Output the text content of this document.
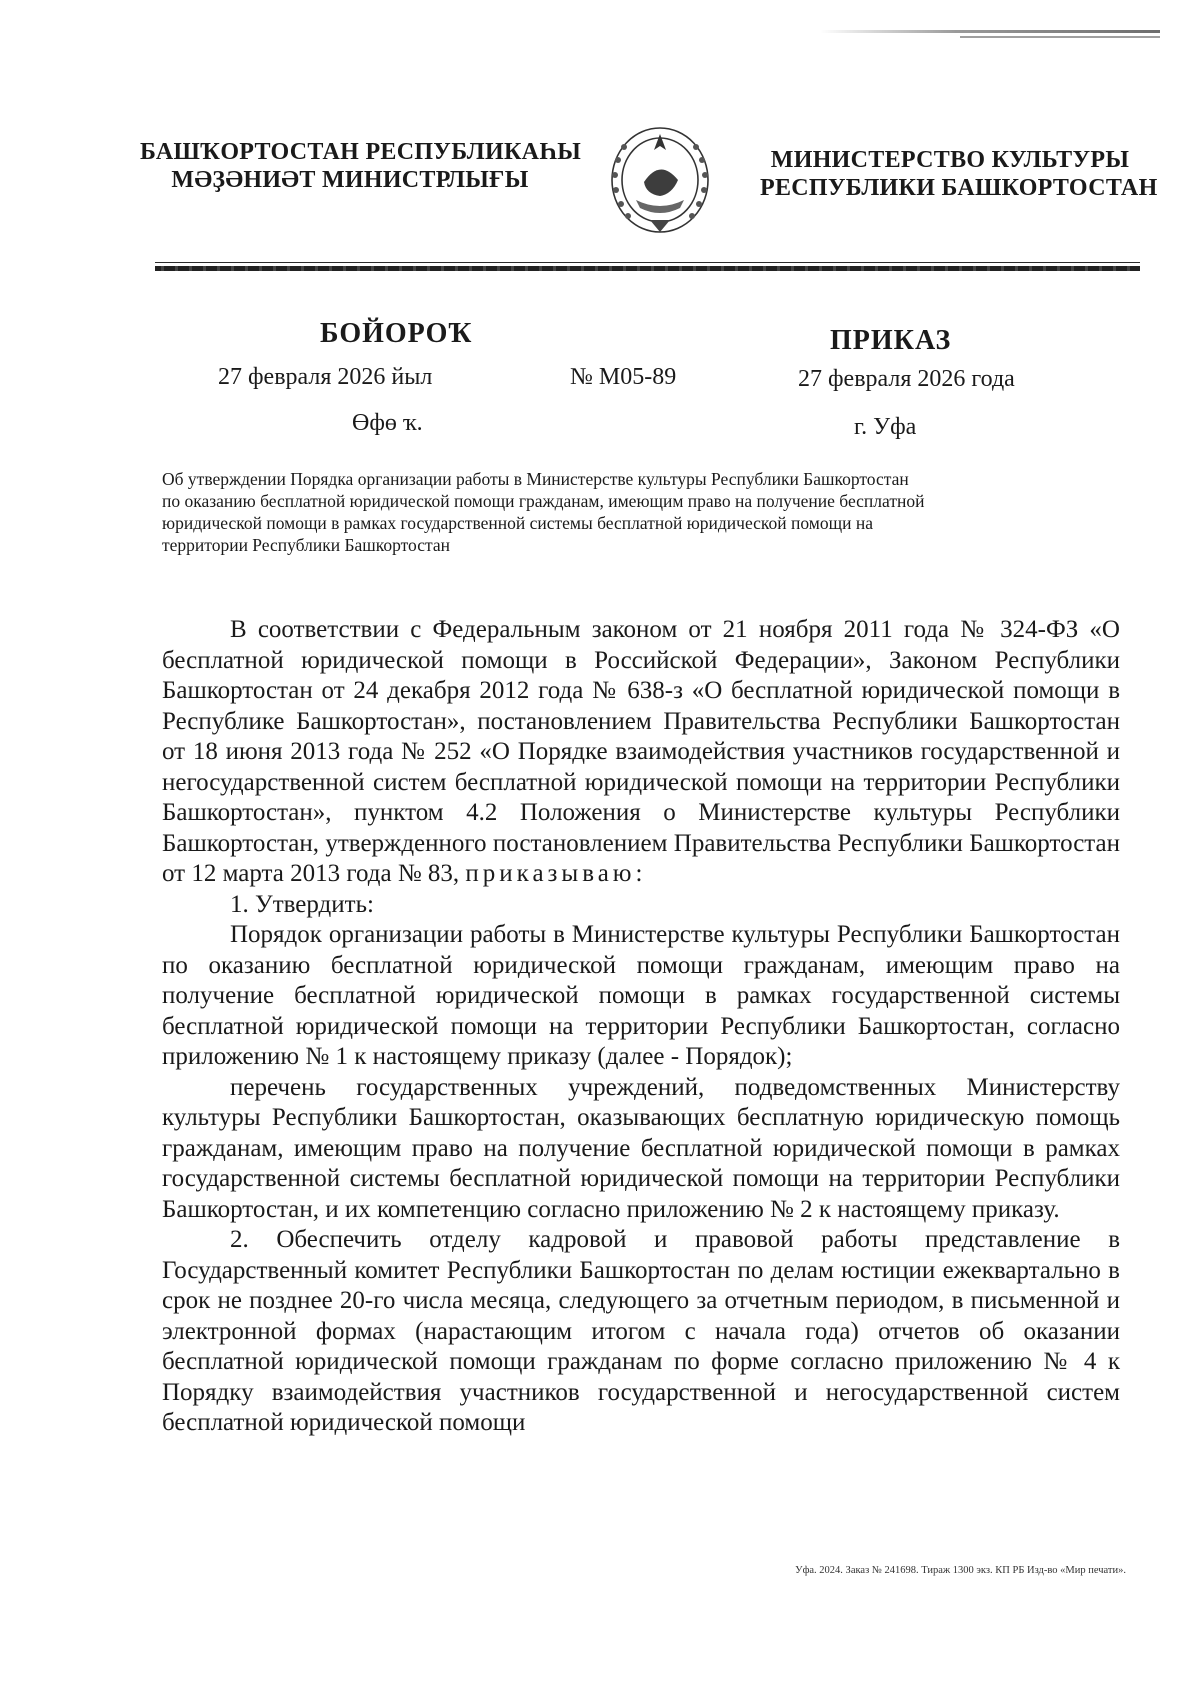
БАШҠОРТОСТАН РЕСПУБЛИКАҺЫ
МӘҘӘНИӘТ МИНИСТРЛЫҒЫ
МИНИСТЕРСТВО КУЛЬТУРЫ
РЕСПУБЛИКИ БАШКОРТОСТАН
БОЙОРОҠ	ПРИКАЗ
27 февраля 2026 йыл	№ М05-89	27 февраля 2026 года
Өфө ҡ.	г. Уфа
Об утверждении Порядка организации работы в Министерстве культуры Республики Башкортостан
по оказанию бесплатной юридической помощи гражданам, имеющим право на получение бесплатной
юридической помощи в рамках государственной системы бесплатной юридической помощи на
территории Республики Башкортостан

В соответствии с Федеральным законом от 21 ноября 2011 года № 324-ФЗ «О бесплатной юридической помощи в Российской Федерации», Законом Республики Башкортостан от 24 декабря 2012 года № 638-з «О бесплатной юридической помощи в Республике Башкортостан», постановлением Правительства Республики Башкортостан от 18 июня 2013 года № 252 «О Порядке взаимодействия участников государственной и негосударственной систем бесплатной юридической помощи на территории Республики Башкортостан», пунктом 4.2 Положения о Министерстве культуры Республики Башкортостан, утвержденного постановлением Правительства Республики Башкортостан от 12 марта 2013 года № 83, приказываю:

1. Утвердить:

Порядок организации работы в Министерстве культуры Республики Башкортостан по оказанию бесплатной юридической помощи гражданам, имеющим право на получение бесплатной юридической помощи в рамках государственной системы бесплатной юридической помощи на территории Республики Башкортостан, согласно приложению № 1 к настоящему приказу (далее - Порядок);

перечень государственных учреждений, подведомственных Министерству культуры Республики Башкортостан, оказывающих бесплатную юридическую помощь гражданам, имеющим право на получение бесплатной юридической помощи в рамках государственной системы бесплатной юридической помощи на территории Республики Башкортостан, и их компетенцию согласно приложению № 2 к настоящему приказу.

2. Обеспечить отделу кадровой и правовой работы представление в Государственный комитет Республики Башкортостан по делам юстиции ежеквартально в срок не позднее 20-го числа месяца, следующего за отчетным периодом, в письменной и электронной формах (нарастающим итогом с начала года) отчетов об оказании бесплатной юридической помощи гражданам по форме согласно приложению № 4 к Порядку взаимодействия участников государственной и негосударственной систем бесплатной юридической помощи

Уфа. 2024. Заказ № 241698. Тираж 1300 экз. КП РБ Изд-во «Мир печати».
